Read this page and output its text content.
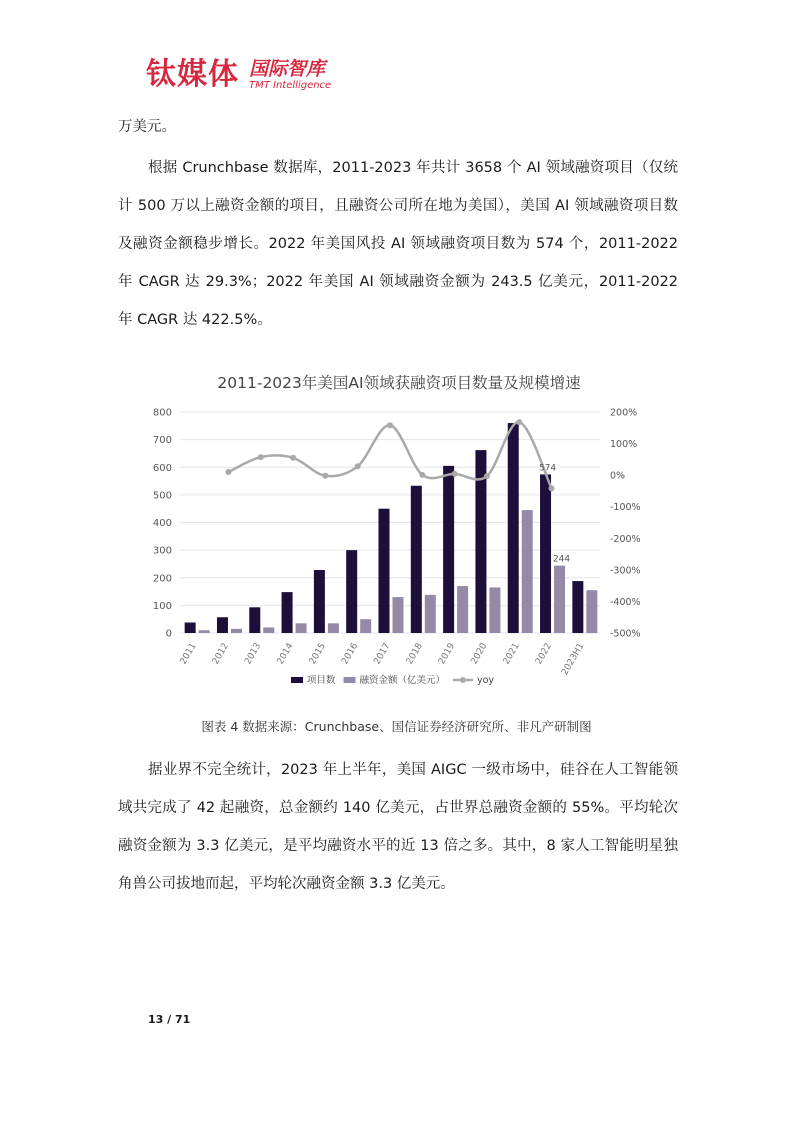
钛媒体 国际智库
TMT Intelligence

万美元。

根据 Crunchbase 数据库，2011-2023 年共计 3658 个 AI 领域融资项目（仅统计 500 万以上融资金额的项目，且融资公司所在地为美国），美国 AI 领域融资项目数及融资金额稳步增长。2022 年美国风投 AI 领域融资项目数为 574 个，2011-2022 年 CAGR 达 29.3%；2022 年美国 AI 领域融资金额为 243.5 亿美元，2011-2022 年 CAGR 达 422.5%。

2011-2023年美国AI领域获融资项目数量及规模增速
0
100
200
300
400
500
600
700
800	200%
100%
0%
-100%
-200%
-300%
-400%
-500%
2011 2012 2013 2014 2015 2016 2017 2018 2019 2020 2021 2022 2023H1
574
244
项目数	融资金额（亿美元）	yoy
图表 4 数据来源：Crunchbase、国信证券经济研究所、非凡产研制图

据业界不完全统计，2023 年上半年，美国 AIGC 一级市场中，硅谷在人工智能领域共完成了 42 起融资，总金额约 140 亿美元，占世界总融资金额的 55%。平均轮次融资金额为 3.3 亿美元，是平均融资水平的近 13 倍之多。其中，8 家人工智能明星独角兽公司拔地而起，平均轮次融资金额 3.3 亿美元。

13 / 71
